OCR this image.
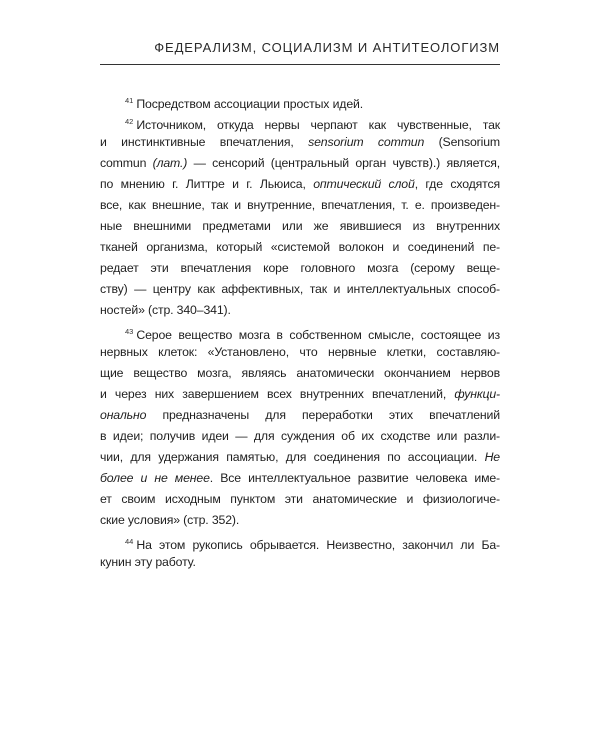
ФЕДЕРАЛИЗМ, СОЦИАЛИЗМ И АНТИТЕОЛОГИЗМ
$^{41}$ Посредством ассоциации простых идей.
$^{42}$ Источником, откуда нервы черпают как чувственные, так
и инстинктивные впечатления, sensorium commun (Sensorium
commun (лат.) — сенсорий (центральный орган чувств).) является,
по мнению г. Литтре и г. Льюиса, оптический слой, где сходятся
все, как внешние, так и внутренние, впечатления, т. е. произведен-
ные внешними предметами или же явившиеся из внутренних
тканей организма, который «системой волокон и соединений пе-
редает эти впечатления коре головного мозга (серому веще-
ству) — центру как аффективных, так и интеллектуальных способ-
ностей» (стр. 340–341).
$^{43}$ Серое вещество мозга в собственном смысле, состоящее из
нервных клеток: «Установлено, что нервные клетки, составляю-
щие вещество мозга, являясь анатомически окончанием нервов
и через них завершением всех внутренних впечатлений, функци-
онально предназначены для переработки этих впечатлений
в идеи; получив идеи — для суждения об их сходстве или разли-
чии, для удержания памятью, для соединения по ассоциации. Не
более и не менее. Все интеллектуальное развитие человека име-
ет своим исходным пунктом эти анатомические и физиологиче-
ские условия» (стр. 352).
$^{44}$ На этом рукопись обрывается. Неизвестно, закончил ли Ба-
кунин эту работу.
